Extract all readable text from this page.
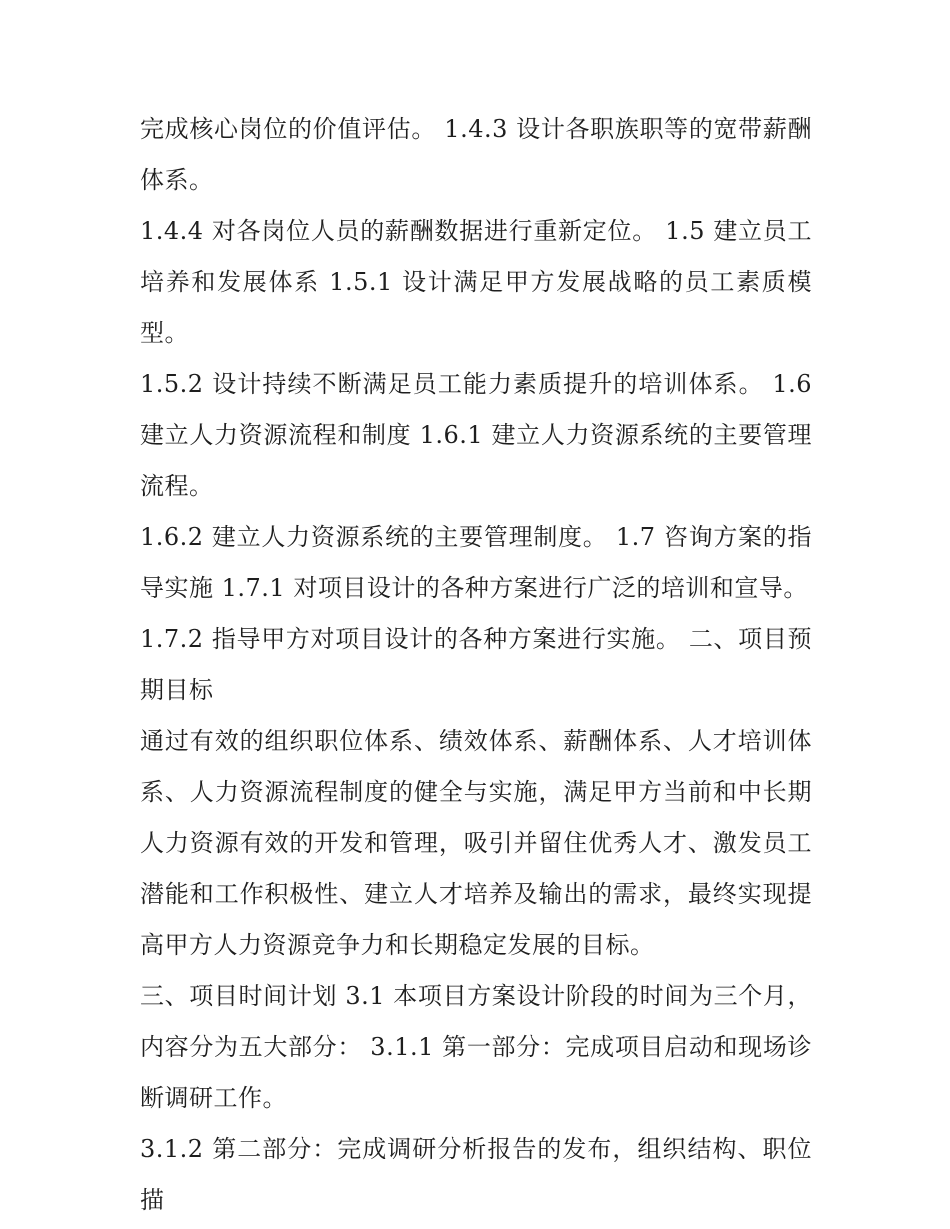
完成核心岗位的价值评估。 1.4.3 设计各职族职等的宽带薪酬体系。

1.4.4 对各岗位人员的薪酬数据进行重新定位。 1.5 建立员工培养和发展体系 1.5.1 设计满足甲方发展战略的员工素质模型。

1.5.2 设计持续不断满足员工能力素质提升的培训体系。 1.6 建立人力资源流程和制度 1.6.1 建立人力资源系统的主要管理流程。

1.6.2 建立人力资源系统的主要管理制度。 1.7 咨询方案的指导实施 1.7.1 对项目设计的各种方案进行广泛的培训和宣导。

1.7.2 指导甲方对项目设计的各种方案进行实施。 二、项目预期目标

通过有效的组织职位体系、绩效体系、薪酬体系、人才培训体系、人力资源流程制度的健全与实施，满足甲方当前和中长期人力资源有效的开发和管理，吸引并留住优秀人才、激发员工潜能和工作积极性、建立人才培养及输出的需求，最终实现提高甲方人力资源竞争力和长期稳定发展的目标。

三、项目时间计划 3.1 本项目方案设计阶段的时间为三个月，内容分为五大部分： 3.1.1 第一部分：完成项目启动和现场诊断调研工作。

3.1.2 第二部分：完成调研分析报告的发布，组织结构、职位描
